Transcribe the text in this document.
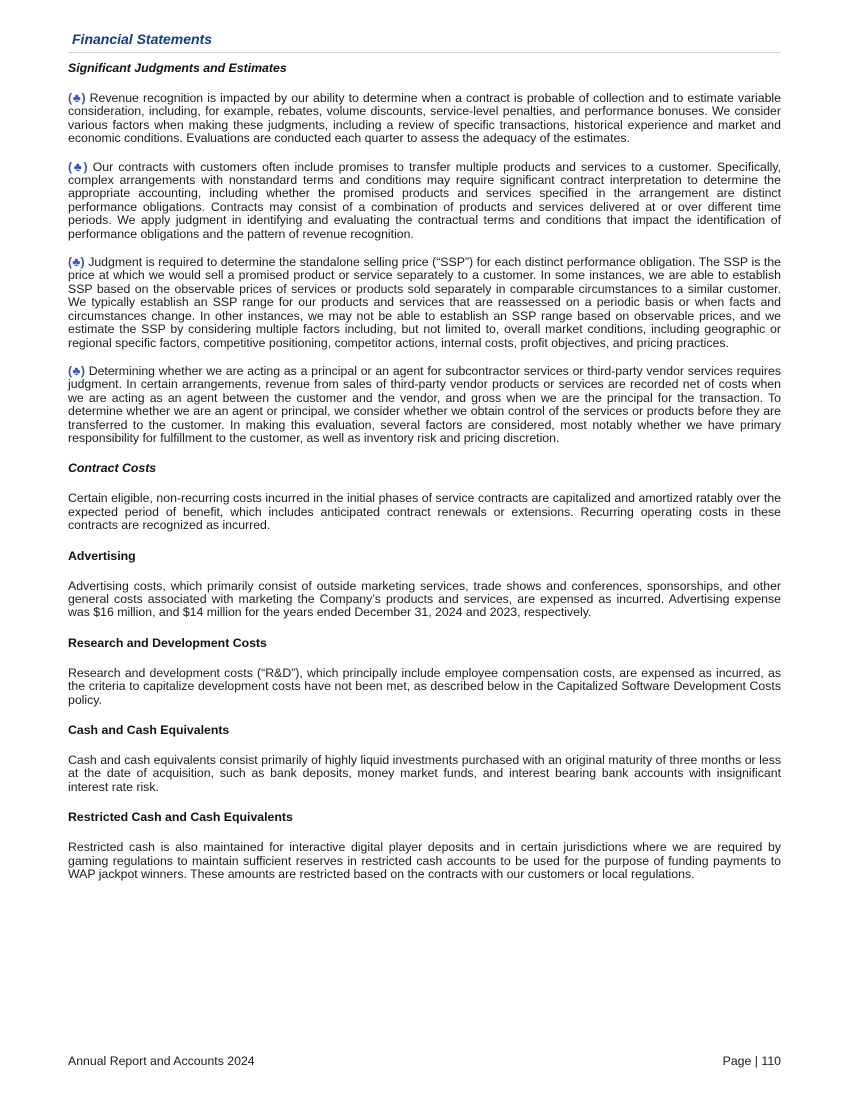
Financial Statements
Significant Judgments and Estimates

(♣) Revenue recognition is impacted by our ability to determine when a contract is probable of collection and to estimate variable consideration, including, for example, rebates, volume discounts, service-level penalties, and performance bonuses. We consider various factors when making these judgments, including a review of specific transactions, historical experience and market and economic conditions. Evaluations are conducted each quarter to assess the adequacy of the estimates.

(♣) Our contracts with customers often include promises to transfer multiple products and services to a customer. Specifically, complex arrangements with nonstandard terms and conditions may require significant contract interpretation to determine the appropriate accounting, including whether the promised products and services specified in the arrangement are distinct performance obligations. Contracts may consist of a combination of products and services delivered at or over different time periods. We apply judgment in identifying and evaluating the contractual terms and conditions that impact the identification of performance obligations and the pattern of revenue recognition.

(♣) Judgment is required to determine the standalone selling price (“SSP”) for each distinct performance obligation. The SSP is the price at which we would sell a promised product or service separately to a customer. In some instances, we are able to establish SSP based on the observable prices of services or products sold separately in comparable circumstances to a similar customer. We typically establish an SSP range for our products and services that are reassessed on a periodic basis or when facts and circumstances change. In other instances, we may not be able to establish an SSP range based on observable prices, and we estimate the SSP by considering multiple factors including, but not limited to, overall market conditions, including geographic or regional specific factors, competitive positioning, competitor actions, internal costs, profit objectives, and pricing practices.

(♣) Determining whether we are acting as a principal or an agent for subcontractor services or third-party vendor services requires judgment. In certain arrangements, revenue from sales of third-party vendor products or services are recorded net of costs when we are acting as an agent between the customer and the vendor, and gross when we are the principal for the transaction. To determine whether we are an agent or principal, we consider whether we obtain control of the services or products before they are transferred to the customer. In making this evaluation, several factors are considered, most notably whether we have primary responsibility for fulfillment to the customer, as well as inventory risk and pricing discretion.

Contract Costs

Certain eligible, non-recurring costs incurred in the initial phases of service contracts are capitalized and amortized ratably over the expected period of benefit, which includes anticipated contract renewals or extensions. Recurring operating costs in these contracts are recognized as incurred.

Advertising

Advertising costs, which primarily consist of outside marketing services, trade shows and conferences, sponsorships, and other general costs associated with marketing the Company’s products and services, are expensed as incurred. Advertising expense was $16 million, and $14 million for the years ended December 31, 2024 and 2023, respectively.

Research and Development Costs

Research and development costs (“R&D”), which principally include employee compensation costs, are expensed as incurred, as the criteria to capitalize development costs have not been met, as described below in the Capitalized Software Development Costs policy.

Cash and Cash Equivalents

Cash and cash equivalents consist primarily of highly liquid investments purchased with an original maturity of three months or less at the date of acquisition, such as bank deposits, money market funds, and interest bearing bank accounts with insignificant interest rate risk.

Restricted Cash and Cash Equivalents

Restricted cash is also maintained for interactive digital player deposits and in certain jurisdictions where we are required by gaming regulations to maintain sufficient reserves in restricted cash accounts to be used for the purpose of funding payments to WAP jackpot winners. These amounts are restricted based on the contracts with our customers or local regulations.

Annual Report and Accounts 2024	Page | 110
